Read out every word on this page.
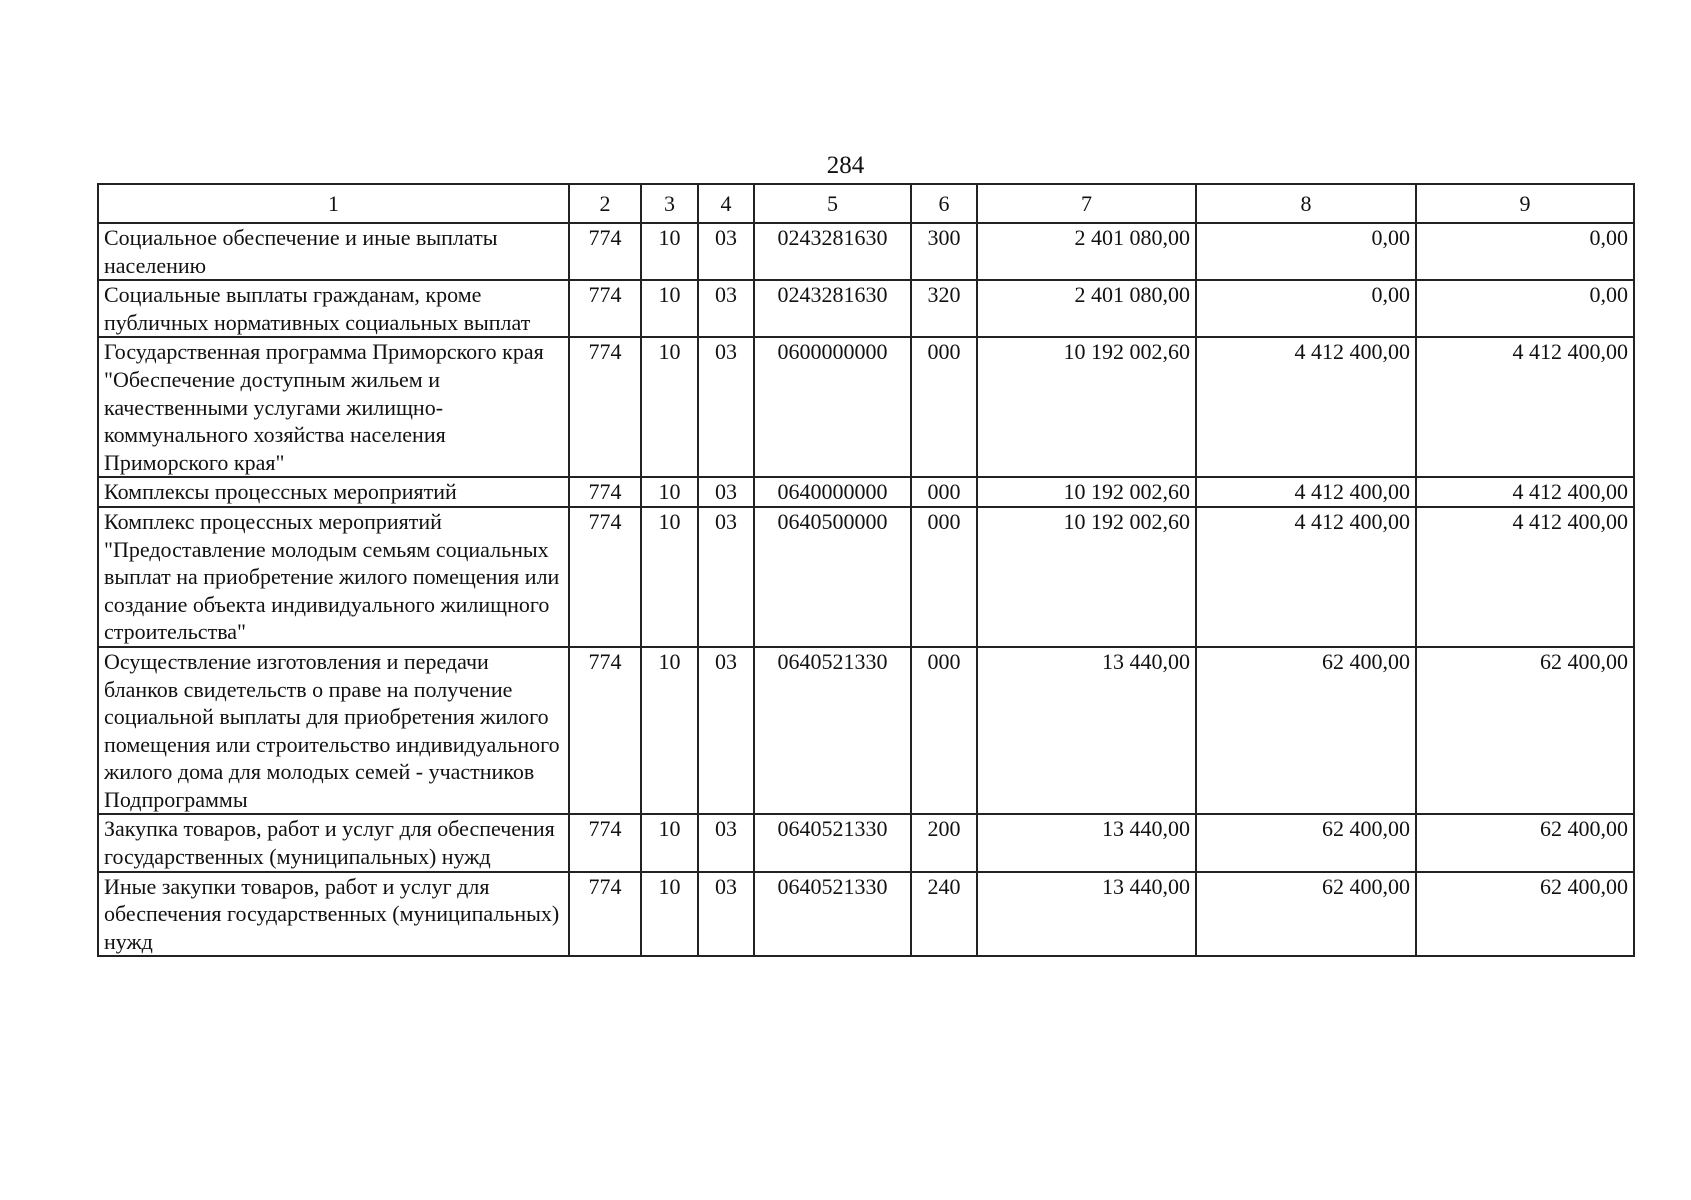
284
1	2	3	4	5	6	7	8	9
Социальное обеспечение и иные выплаты населению	774	10	03	0243281630	300	2 401 080,00	0,00	0,00
Социальные выплаты гражданам, кроме публичных нормативных социальных выплат	774	10	03	0243281630	320	2 401 080,00	0,00	0,00
Государственная программа Приморского края "Обеспечение доступным жильем и качественными услугами жилищно-коммунального хозяйства населения Приморского края"	774	10	03	0600000000	000	10 192 002,60	4 412 400,00	4 412 400,00
Комплексы процессных мероприятий	774	10	03	0640000000	000	10 192 002,60	4 412 400,00	4 412 400,00
Комплекс процессных мероприятий "Предоставление молодым семьям социальных выплат на приобретение жилого помещения или создание объекта индивидуального жилищного строительства"	774	10	03	0640500000	000	10 192 002,60	4 412 400,00	4 412 400,00
Осуществление изготовления и передачи бланков свидетельств о праве на получение социальной выплаты для приобретения жилого помещения или строительство индивидуального жилого дома для молодых семей - участников Подпрограммы	774	10	03	0640521330	000	13 440,00	62 400,00	62 400,00
Закупка товаров, работ и услуг для обеспечения государственных (муниципальных) нужд	774	10	03	0640521330	200	13 440,00	62 400,00	62 400,00
Иные закупки товаров, работ и услуг для обеспечения государственных (муниципальных) нужд	774	10	03	0640521330	240	13 440,00	62 400,00	62 400,00
